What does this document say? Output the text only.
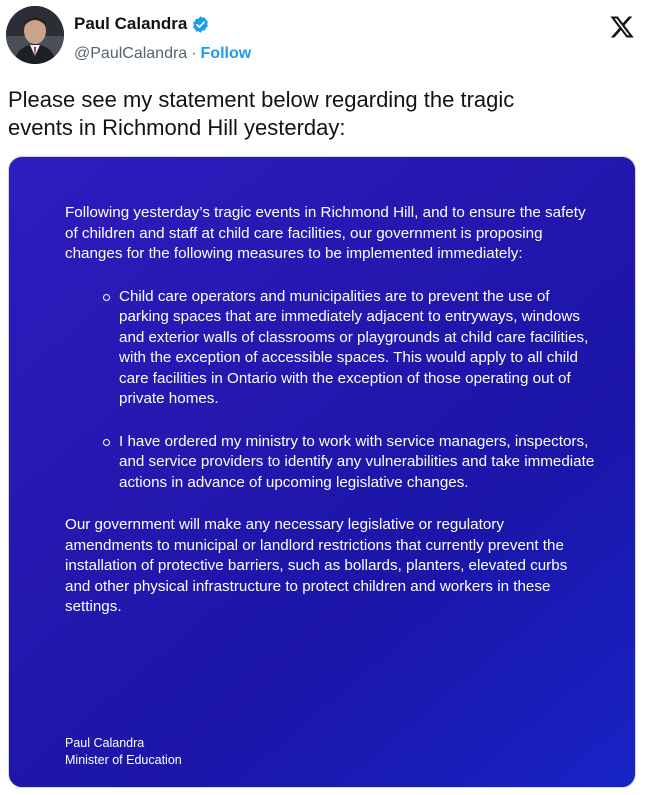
Paul Calandra
@PaulCalandra · Follow
Please see my statement below regarding the tragic
events in Richmond Hill yesterday:

Following yesterday’s tragic events in Richmond Hill, and to ensure the safety of children and staff at child care facilities, our government is proposing changes for the following measures to be implemented immediately:

Child care operators and municipalities are to prevent the use of parking spaces that are immediately adjacent to entryways, windows and exterior walls of classrooms or playgrounds at child care facilities, with the exception of accessible spaces. This would apply to all child care facilities in Ontario with the exception of those operating out of private homes.
I have ordered my ministry to work with service managers, inspectors, and service providers to identify any vulnerabilities and take immediate actions in advance of upcoming legislative changes.

Our government will make any necessary legislative or regulatory amendments to municipal or landlord restrictions that currently prevent the installation of protective barriers, such as bollards, planters, elevated curbs and other physical infrastructure to protect children and workers in these settings.

Paul Calandra
Minister of Education
